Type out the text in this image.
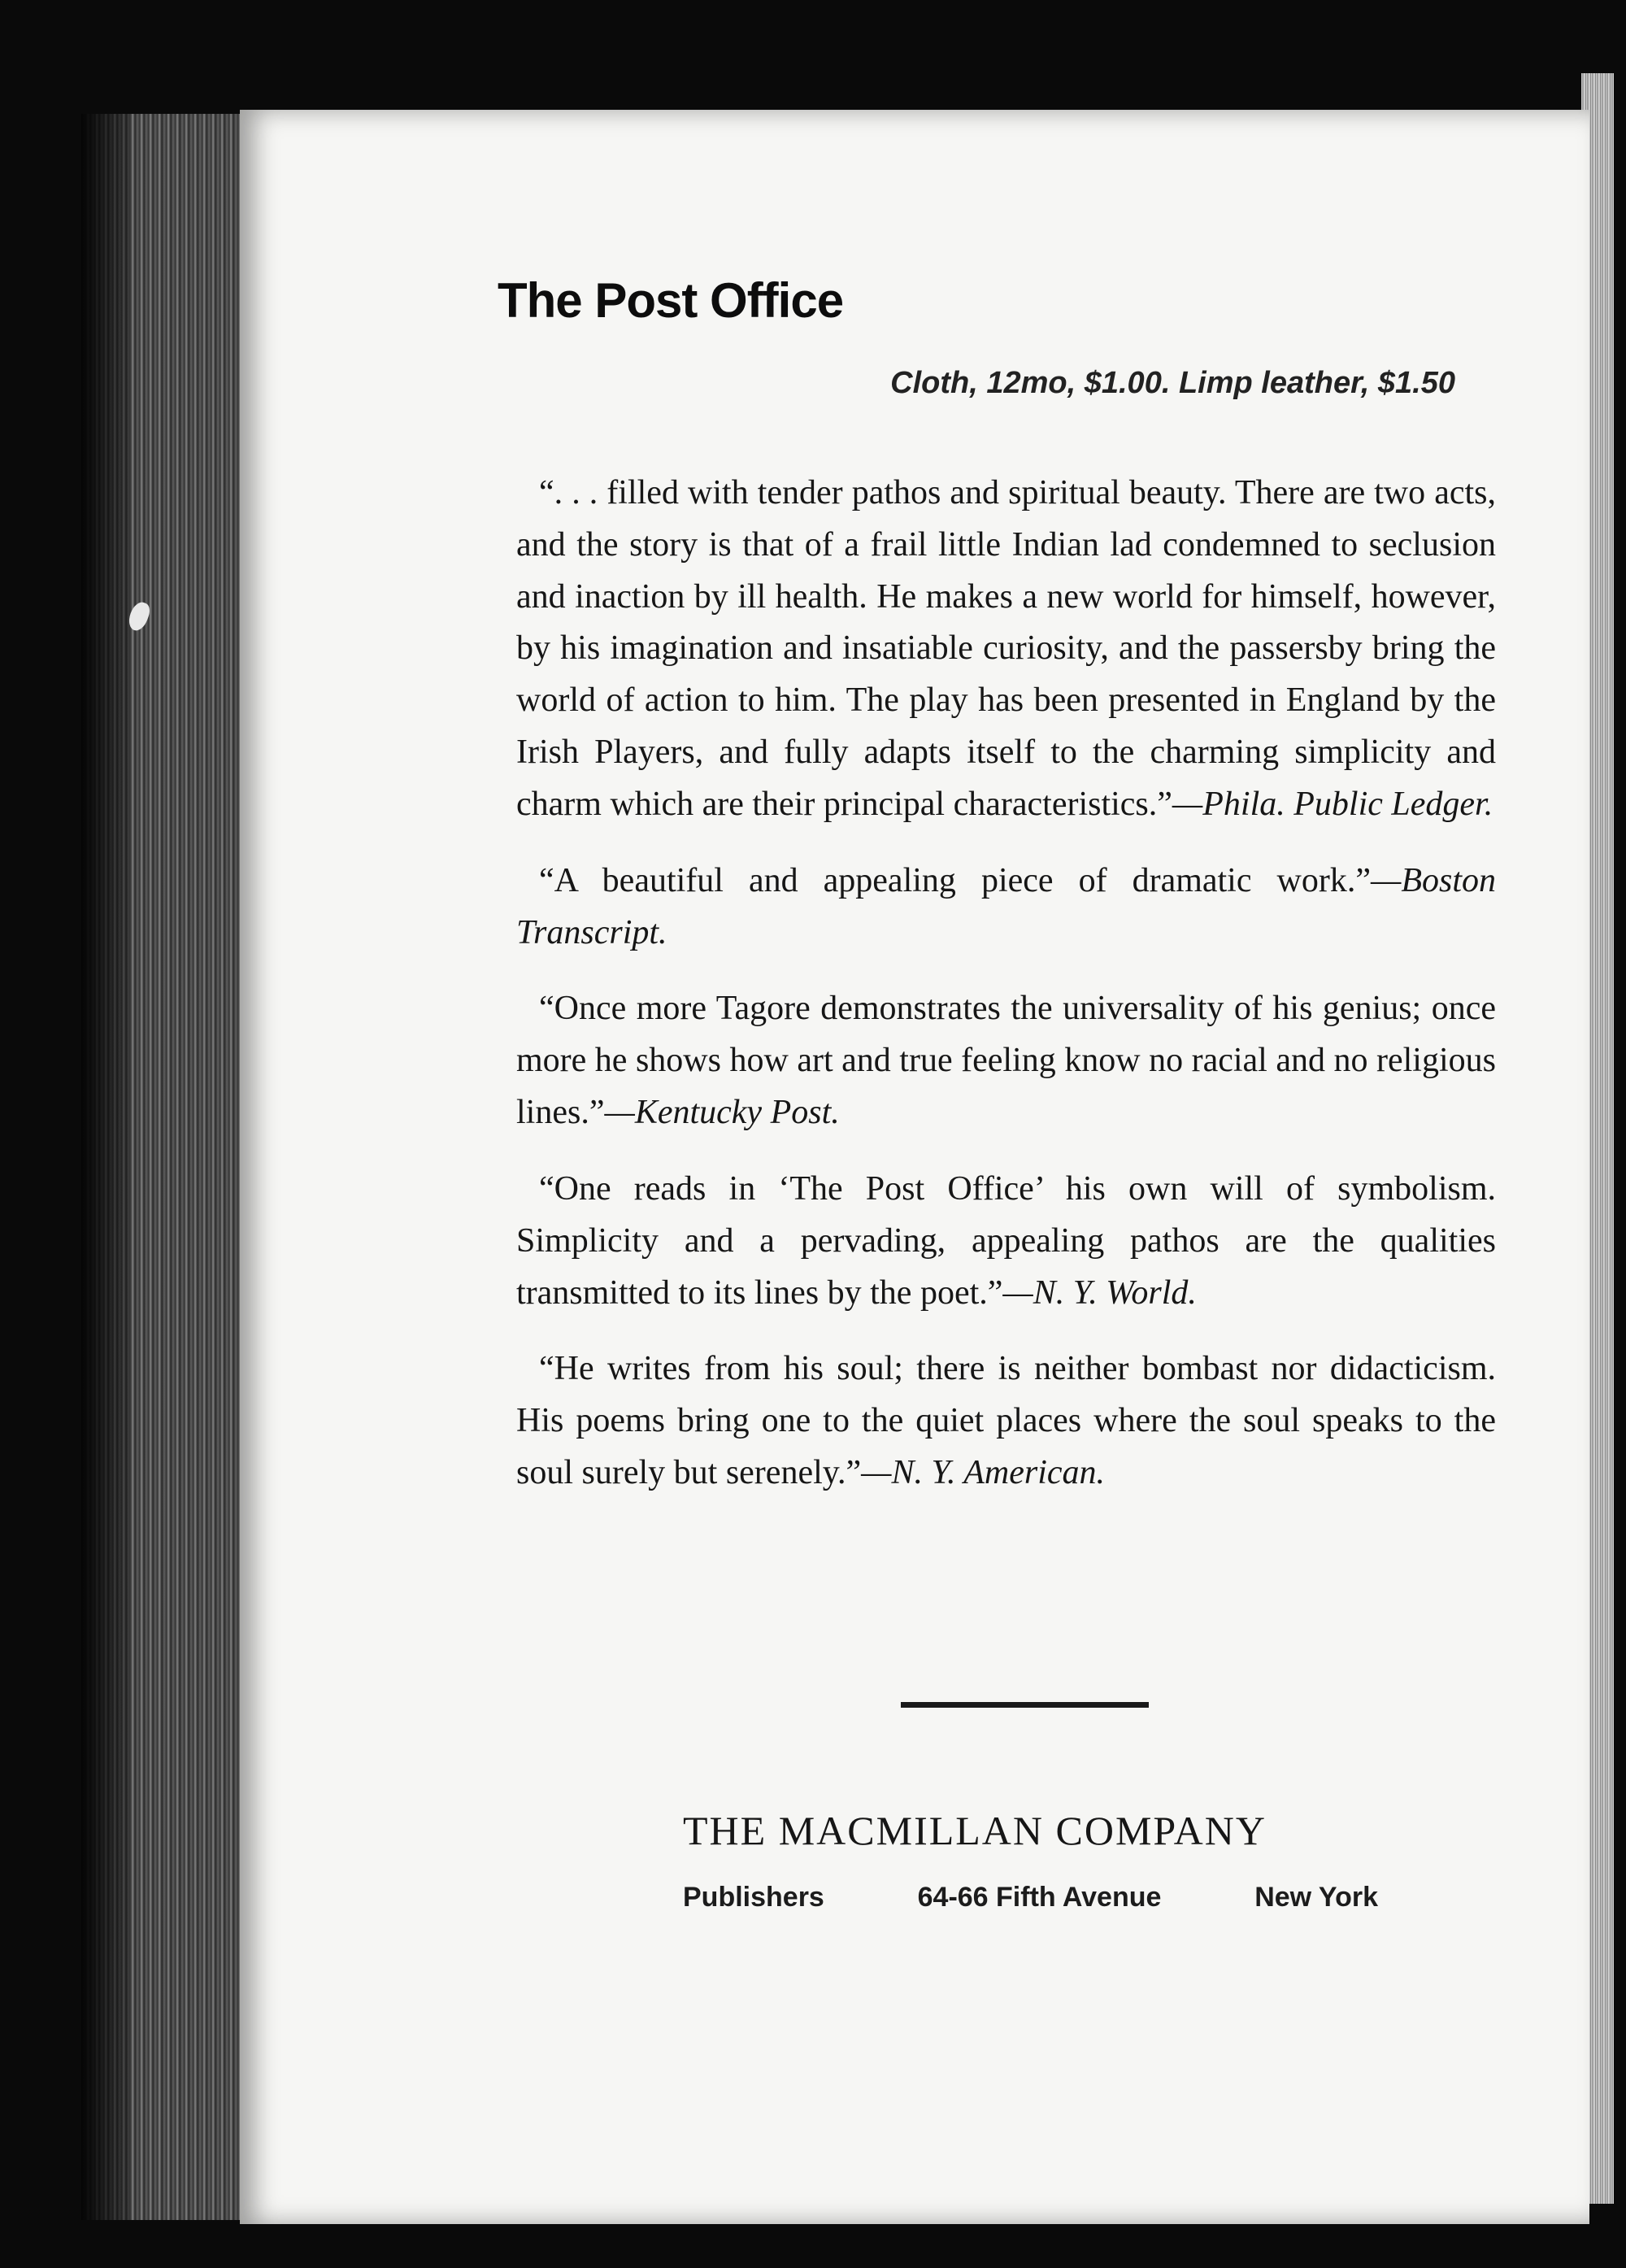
The Post Office
Cloth, 12mo, $1.00. Limp leather, $1.50

“. . . filled with tender pathos and spiritual beauty. There are two acts, and the story is that of a frail little Indian lad condemned to seclusion and inaction by ill health. He makes a new world for himself, however, by his imagination and insatiable curiosity, and the passersby bring the world of action to him. The play has been presented in England by the Irish Players, and fully adapts itself to the charming simplicity and charm which are their principal characteristics.”—Phila. Public Ledger.

“A beautiful and appealing piece of dramatic work.”—Boston Transcript.

“Once more Tagore demonstrates the universality of his genius; once more he shows how art and true feeling know no racial and no religious lines.”—Kentucky Post.

“One reads in ‘The Post Office’ his own will of symbolism. Simplicity and a pervading, appealing pathos are the qualities transmitted to its lines by the poet.”—N. Y. World.

“He writes from his soul; there is neither bombast nor didacticism. His poems bring one to the quiet places where the soul speaks to the soul surely but serenely.”—N. Y. American.

THE MACMILLAN COMPANY
Publishers	64-66 Fifth Avenue	New York
